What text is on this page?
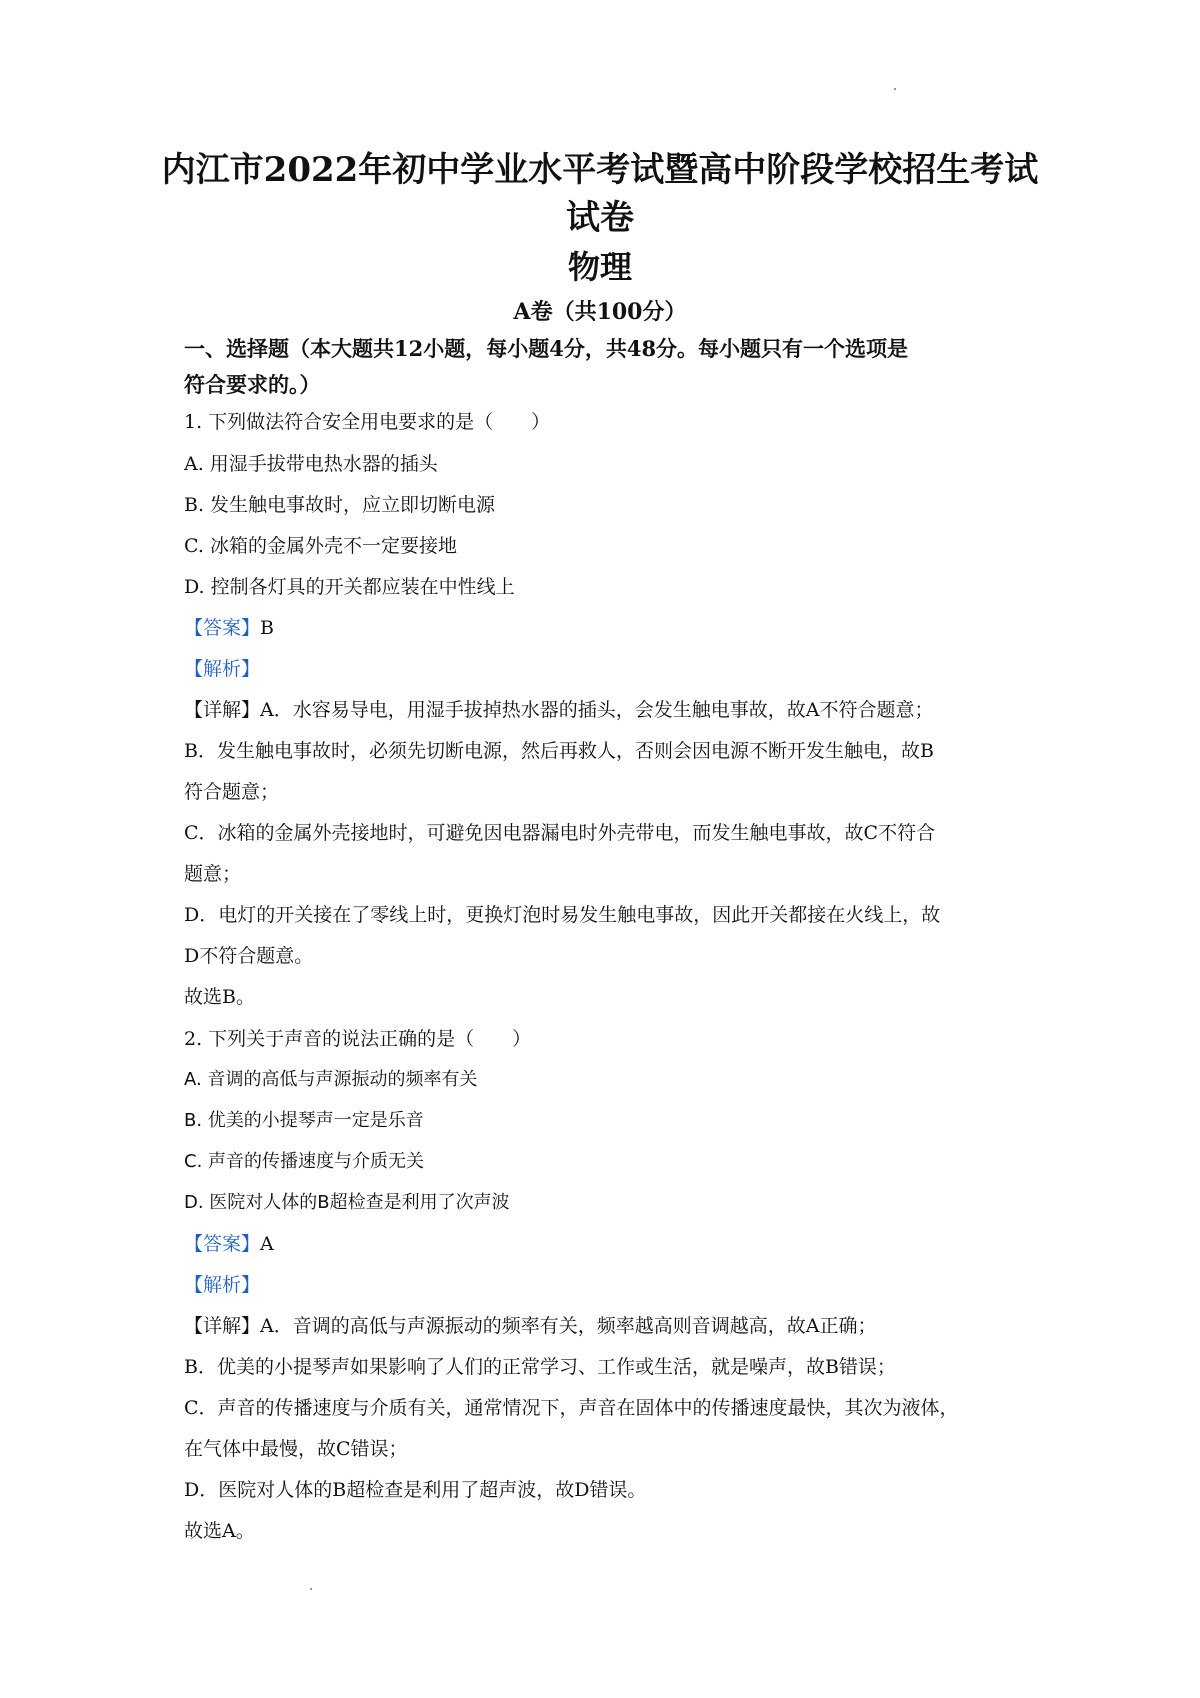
内江市2022年初中学业水平考试暨高中阶段学校招生考试
试卷
物理
A卷（共100分）
一、选择题（本大题共12小题，每小题4分，共48分。每小题只有一个选项是
符合要求的。）
1. 下列做法符合安全用电要求的是（　　）
A. 用湿手拔带电热水器的插头
B. 发生触电事故时，应立即切断电源
C. 冰箱的金属外壳不一定要接地
D. 控制各灯具的开关都应装在中性线上
【答案】B
【解析】
【详解】A．水容易导电，用湿手拔掉热水器的插头，会发生触电事故，故A不符合题意；
B．发生触电事故时，必须先切断电源，然后再救人，否则会因电源不断开发生触电，故B
符合题意；
C．冰箱的金属外壳接地时，可避免因电器漏电时外壳带电，而发生触电事故，故C不符合
题意；
D．电灯的开关接在了零线上时，更换灯泡时易发生触电事故，因此开关都接在火线上，故
D不符合题意。
故选B。
2. 下列关于声音的说法正确的是（　　）
A. 音调的高低与声源振动的频率有关
B. 优美的小提琴声一定是乐音
C. 声音的传播速度与介质无关
D. 医院对人体的B超检查是利用了次声波
【答案】A
【解析】
【详解】A．音调的高低与声源振动的频率有关，频率越高则音调越高，故A正确；
B．优美的小提琴声如果影响了人们的正常学习、工作或生活，就是噪声，故B错误；
C．声音的传播速度与介质有关，通常情况下，声音在固体中的传播速度最快，其次为液体，
在气体中最慢，故C错误；
D．医院对人体的B超检查是利用了超声波，故D错误。
故选A。
